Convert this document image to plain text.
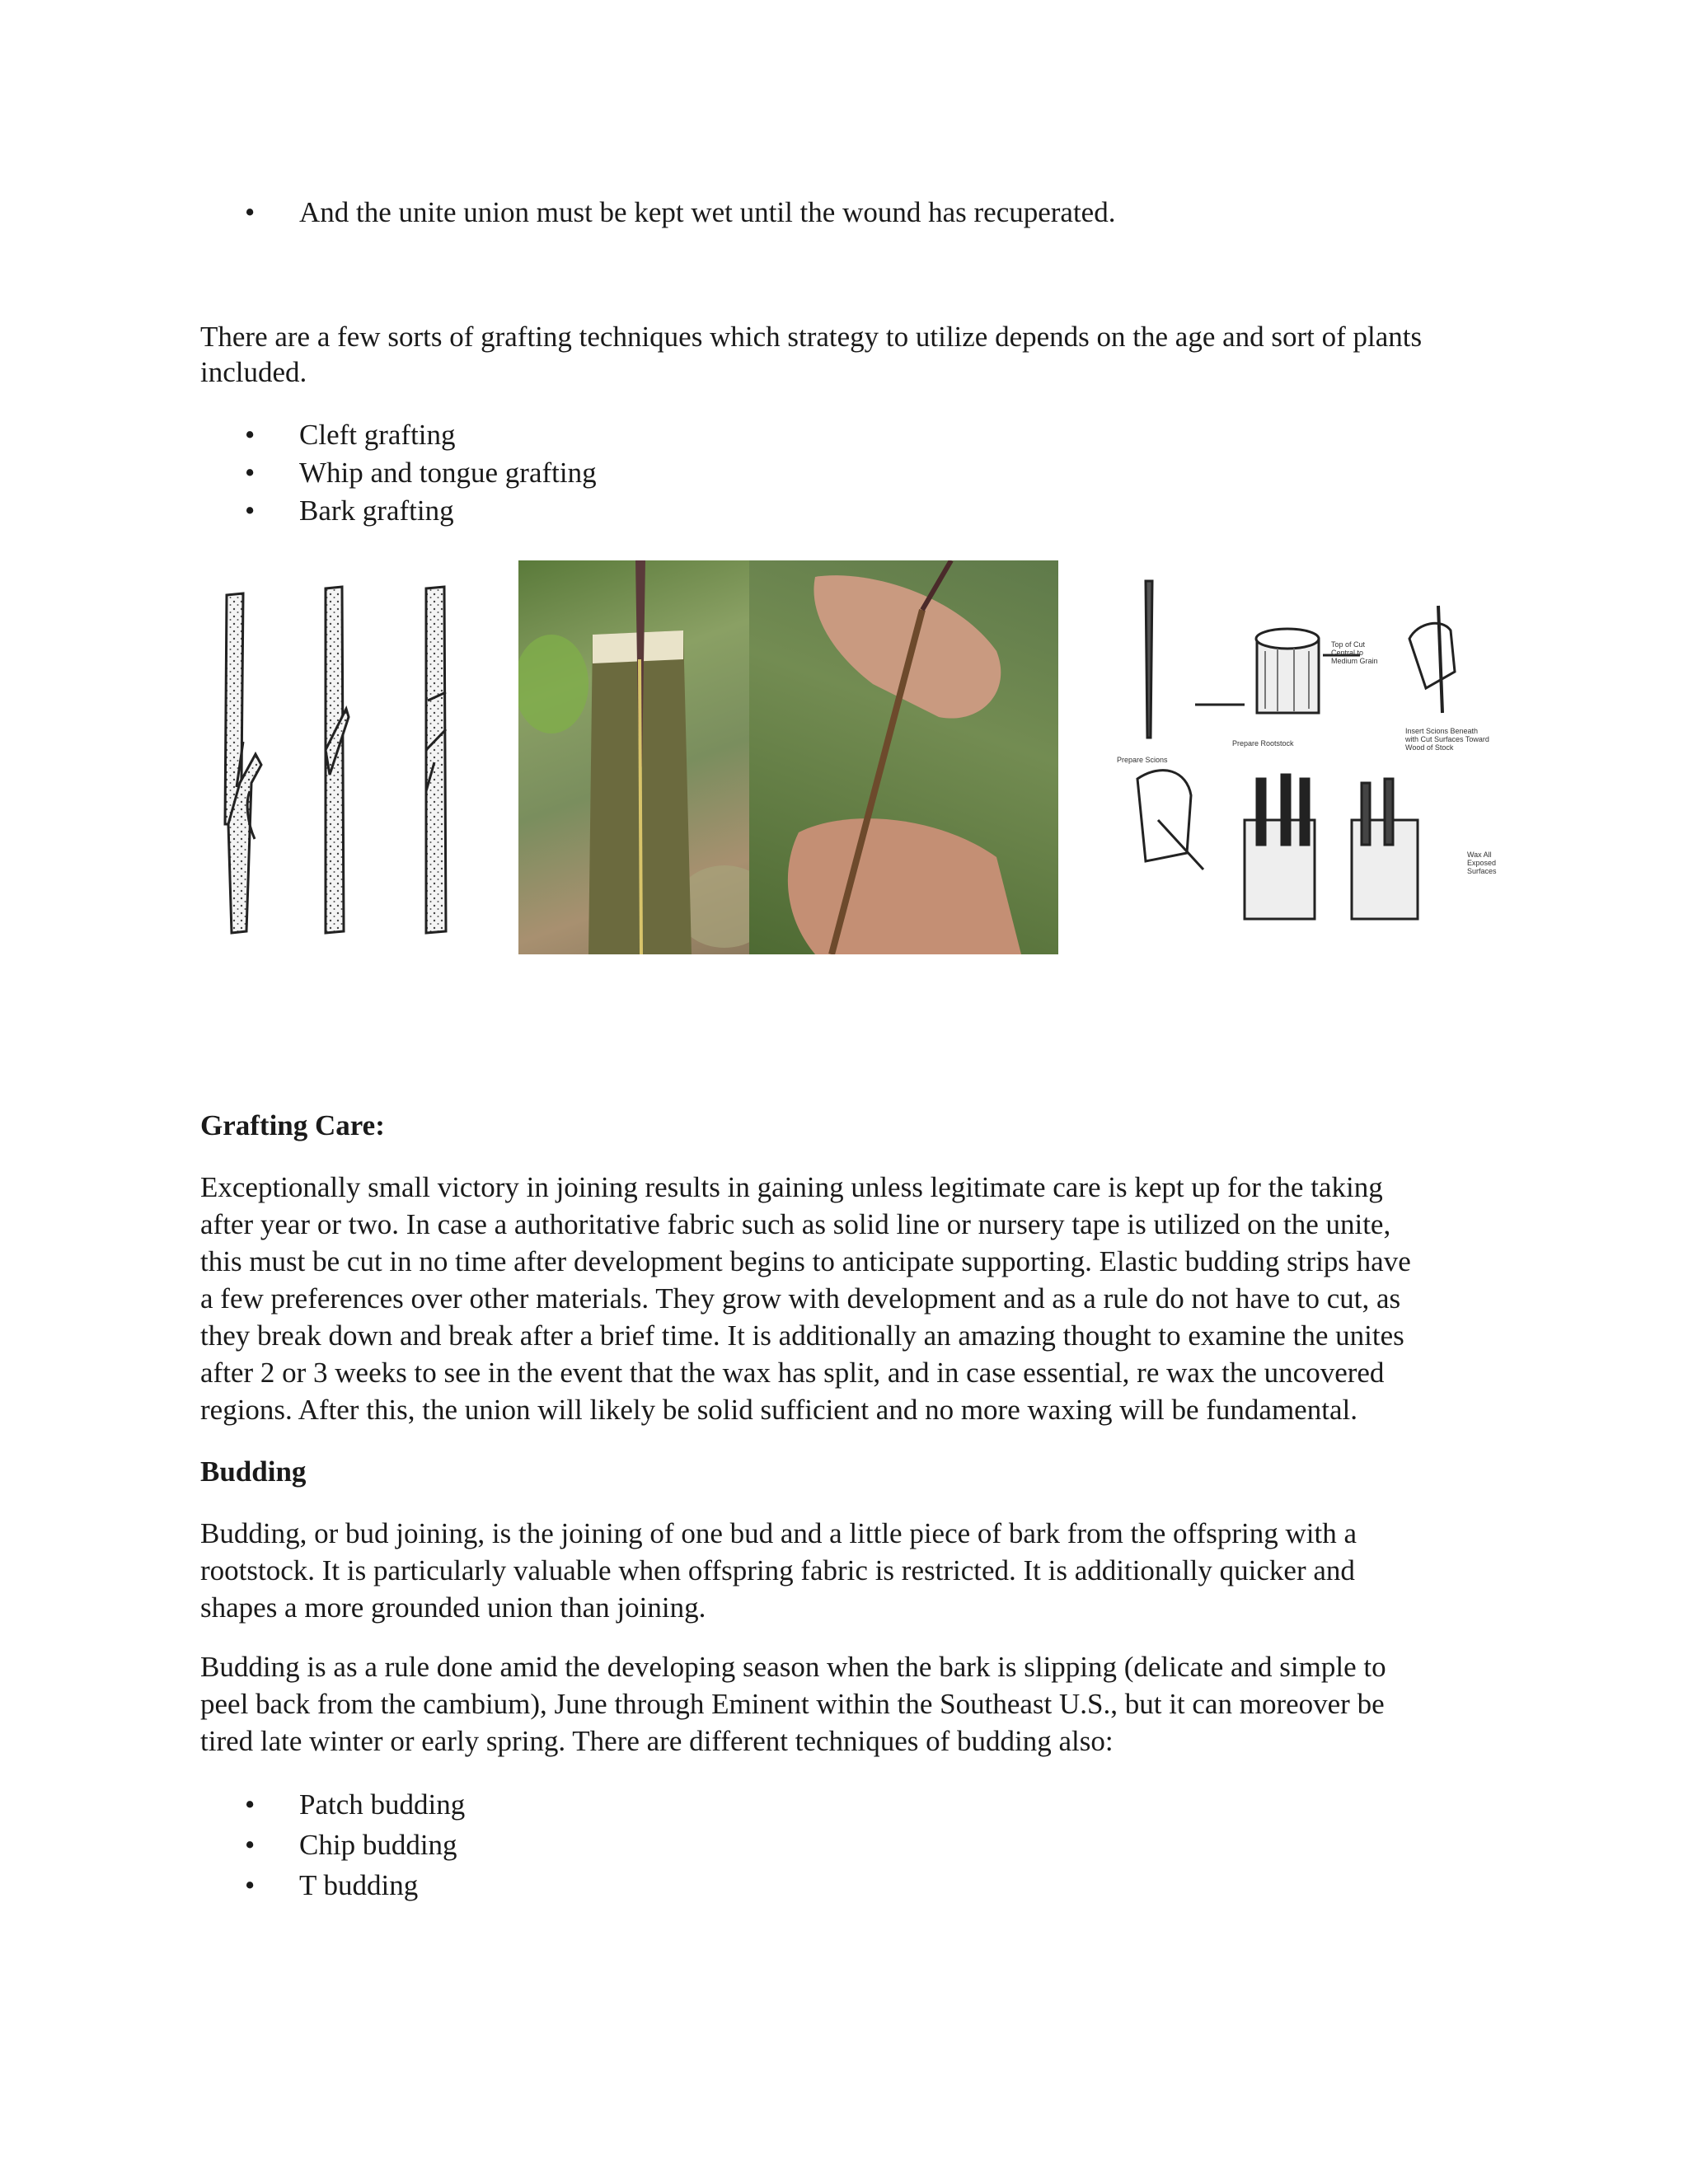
• And the unite union must be kept wet until the wound has recuperated.
There are a few sorts of grafting techniques which strategy to utilize depends on the age and sort of plants included.
• Cleft grafting
• Whip and tongue grafting
• Bark grafting
Top of Cut
Central to
Medium Grain
Prepare Scions
Prepare Rootstock
Insert Scions Beneath
with Cut Surfaces Toward
Wood of Stock
Wax All
Exposed
Surfaces
Grafting Care:
Exceptionally small victory in joining results in gaining unless legitimate care is kept up for the taking
after year or two. In case a authoritative fabric such as solid line or nursery tape is utilized on the unite,
this must be cut in no time after development begins to anticipate supporting. Elastic budding strips have
a few preferences over other materials. They grow with development and as a rule do not have to cut, as
they break down and break after a brief time. It is additionally an amazing thought to examine the unites
after 2 or 3 weeks to see in the event that the wax has split, and in case essential, re wax the uncovered
regions. After this, the union will likely be solid sufficient and no more waxing will be fundamental.
Budding
Budding, or bud joining, is the joining of one bud and a little piece of bark from the offspring with a
rootstock. It is particularly valuable when offspring fabric is restricted. It is additionally quicker and
shapes a more grounded union than joining.
Budding is as a rule done amid the developing season when the bark is slipping (delicate and simple to
peel back from the cambium), June through Eminent within the Southeast U.S., but it can moreover be
tired late winter or early spring. There are different techniques of budding also:
• Patch budding
• Chip budding
• T budding
